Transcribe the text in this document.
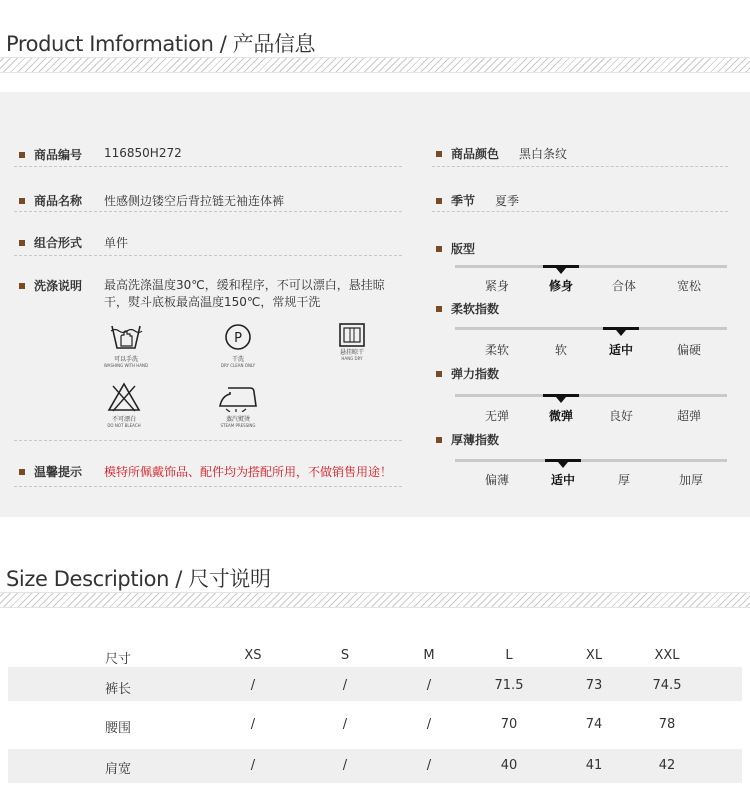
Product Imformation / 产品信息
商品编号 116850H272
商品名称 性感侧边镂空后背拉链无袖连体裤
组合形式 单件
洗涤说明 最高洗涤温度30℃，缓和程序，不可以漂白，悬挂晾干，熨斗底板最高温度150℃，常规干洗
可以手洗
WASHING WITH HAND
P
干洗
DRY CLEAN ONLY
悬挂晾干
HANG DRY
不可漂白
DO NOT BLEACH
蒸汽熨烫
STEAM PRESSING
温馨提示 模特所佩戴饰品、配件均为搭配所用，不做销售用途！
商品颜色 黑白条纹
季节 夏季
版型
紧身	修身	合体	宽松
柔软指数
柔软	软	适中	偏硬
弹力指数
无弹	微弹	良好	超弹
厚薄指数
偏薄	适中	厚	加厚
Size Description / 尺寸说明
尺寸	XS	S	M	L	XL	XXL
裤长	/	/	/	71.5	73	74.5
腰围	/	/	/	70	74	78
肩宽	/	/	/	40	41	42
